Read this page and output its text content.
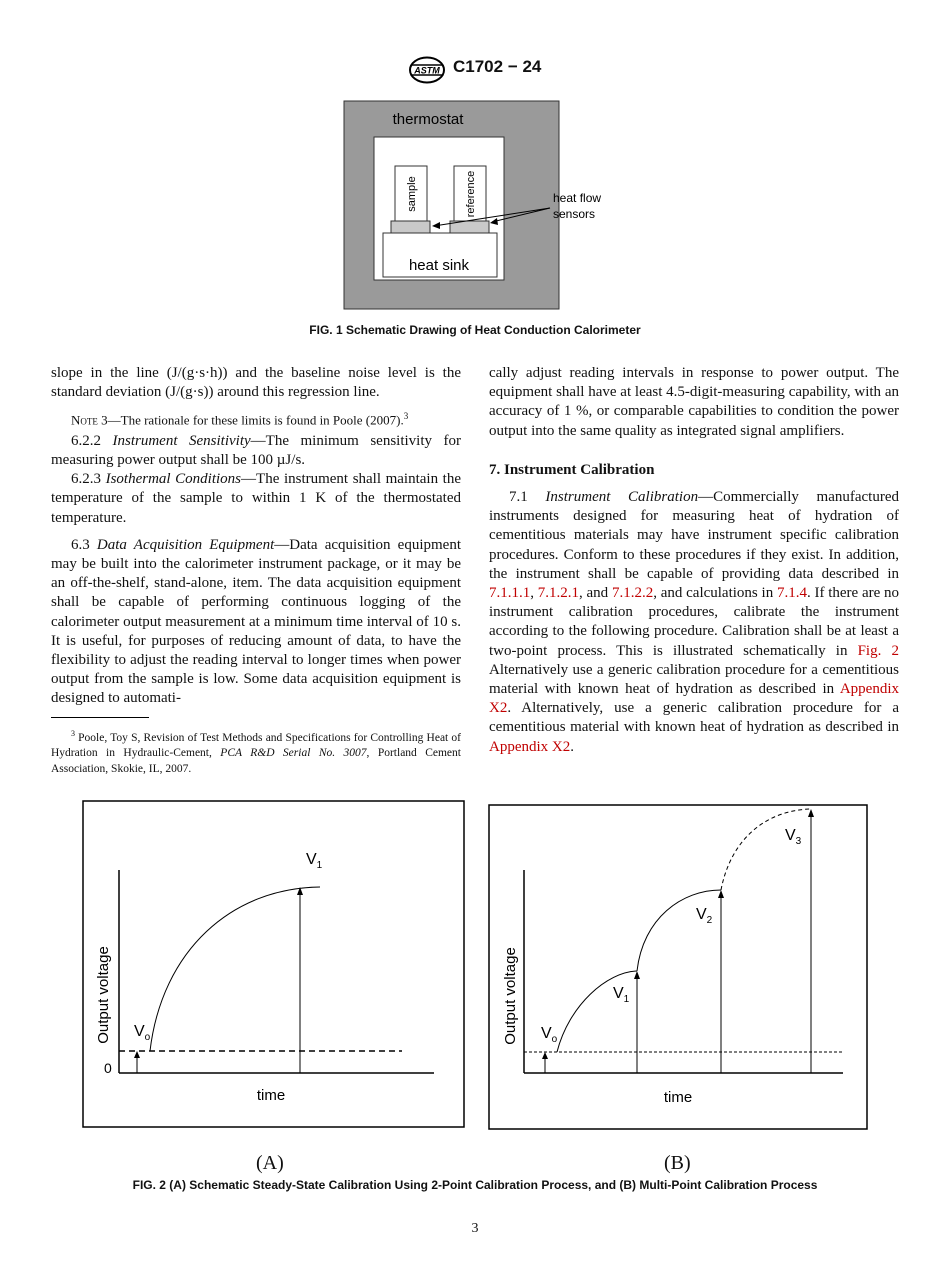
ASTM C1702 − 24
thermostat
sample	reference
heat sink
heat flow
sensors
FIG. 1 Schematic Drawing of Heat Conduction Calorimeter

slope in the line (J/(g·s·h)) and the baseline noise level is the standard deviation (J/(g·s)) around this regression line.

Note 3—The rationale for these limits is found in Poole (2007).$^3$

6.2.2 Instrument Sensitivity—The minimum sensitivity for measuring power output shall be 100 µJ/s.

6.2.3 Isothermal Conditions—The instrument shall maintain the temperature of the sample to within 1 K of the thermostated temperature.

6.3 Data Acquisition Equipment—Data acquisition equipment may be built into the calorimeter instrument package, or it may be an off-the-shelf, stand-alone, item. The data acquisition equipment shall be capable of performing continuous logging of the calorimeter output measurement at a minimum time interval of 10 s. It is useful, for purposes of reducing amount of data, to have the flexibility to adjust the reading interval to longer times when power output from the sample is low. Some data acquisition equipment is designed to automati-

$^3$ Poole, Toy S, Revision of Test Methods and Specifications for Controlling Heat of Hydration in Hydraulic-Cement, PCA R&D Serial No. 3007, Portland Cement Association, Skokie, IL, 2007.

cally adjust reading intervals in response to power output. The equipment shall have at least 4.5-digit-measuring capability, with an accuracy of 1 %, or comparable capabilities to condition the power output into the same quality as integrated signal amplifiers.

7. Instrument Calibration

7.1 Instrument Calibration—Commercially manufactured instruments designed for measuring heat of hydration of cementitious materials may have instrument specific calibration procedures. Conform to these procedures if they exist. In addition, the instrument shall be capable of providing data described in 7.1.1.1, 7.1.2.1, and 7.1.2.2, and calculations in 7.1.4. If there are no instrument calibration procedures, calibrate the instrument according to the following procedure. Calibration shall be at least a two-point process. This is illustrated schematically in Fig. 2 Alternatively use a generic calibration procedure for a cementitious material with known heat of hydration as described in Appendix X2. Alternatively, use a generic calibration procedure for a cementitious material with known heat of hydration as described in Appendix X2.

$V_o$
$V_1$
0
Output voltage
time
(A)
$V_o$
$V_1$
$V_2$
$V_3$
Output voltage
time
(B)
FIG. 2 (A) Schematic Steady-State Calibration Using 2-Point Calibration Process, and (B) Multi-Point Calibration Process
3
